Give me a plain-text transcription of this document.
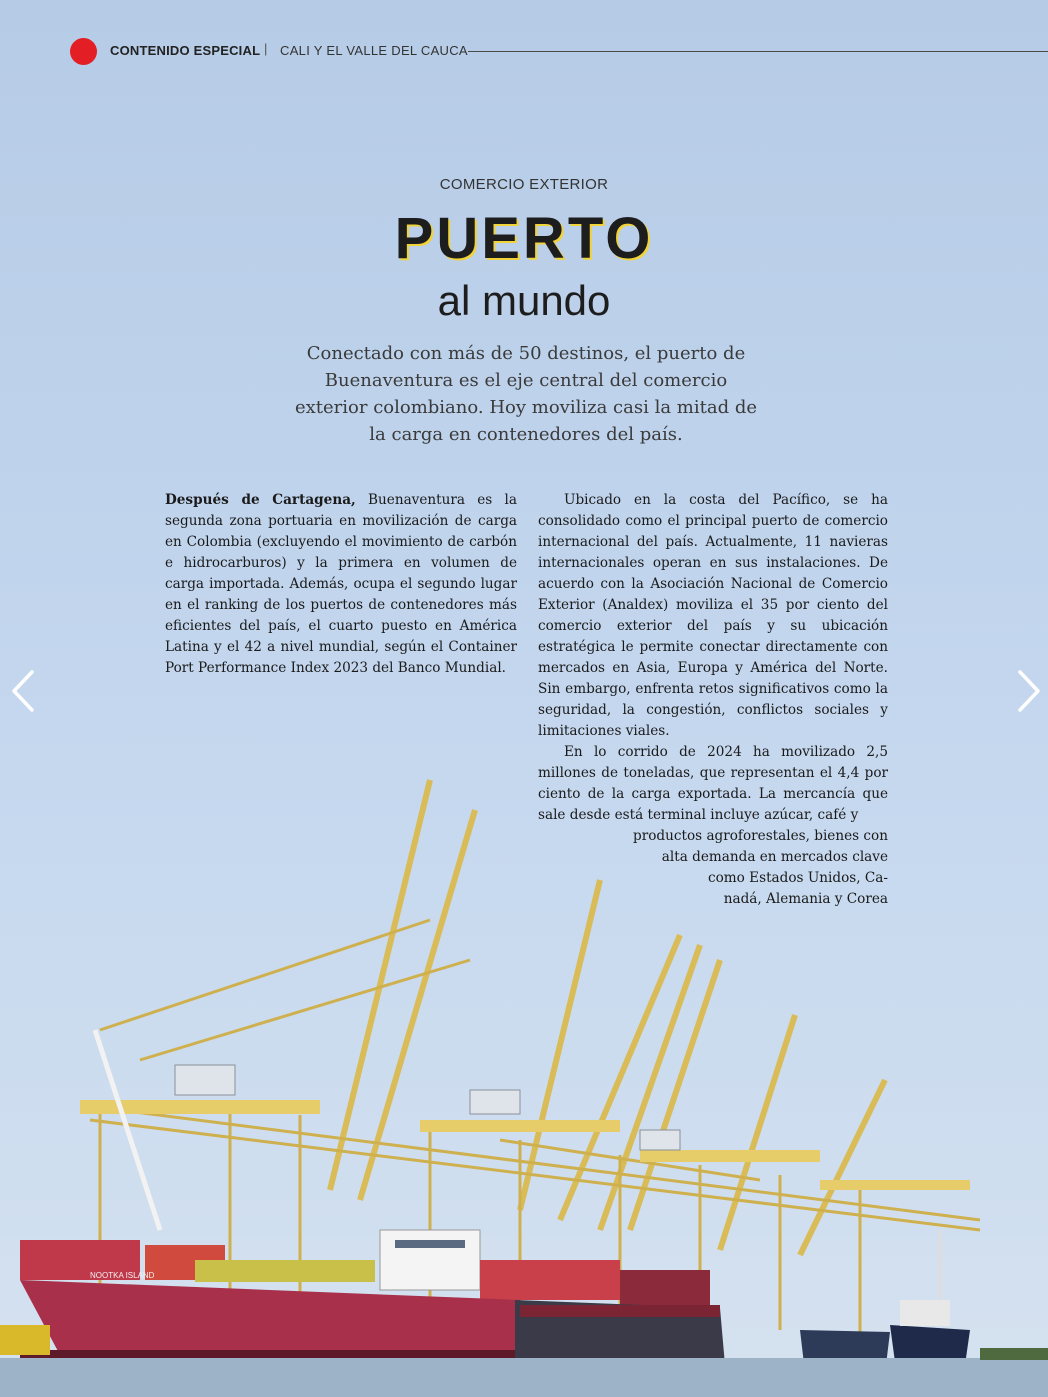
NOOTKA ISLAND
CONTENIDO ESPECIAL | CALI Y EL VALLE DEL CAUCA
COMERCIO EXTERIOR
PUERTO
al mundo

Conectado con más de 50 destinos, el puerto de Buenaventura es el eje central del comercio exterior colombiano. Hoy moviliza casi la mitad de la carga en contenedores del país.

Después de Cartagena, Buenaventura es la segunda zona portuaria en movilización de carga en Colombia (excluyendo el movimiento de carbón e hidrocarburos) y la primera en volumen de carga importada. Además, ocupa el segundo lugar en el ranking de los puertos de contenedores más eficientes del país, el cuarto puesto en América Latina y el 42 a nivel mundial, según el Container Port Performance Index 2023 del Banco Mundial.

Ubicado en la costa del Pacífico, se ha consolidado como el principal puerto de comercio internacional del país. Actualmente, 11 navieras internacionales operan en sus instalaciones. De acuerdo con la Asociación Nacional de Comercio Exterior (Analdex) moviliza el 35 por ciento del comercio exterior del país y su ubicación estratégica le permite conectar directamente con mercados en Asia, Europa y América del Norte. Sin embargo, enfrenta retos significativos como la seguridad, la congestión, conflictos sociales y limitaciones viales.

En lo corrido de 2024 ha movilizado 2,5 millones de toneladas, que representan el 4,4 por ciento de la carga exportada. La mercancía que sale desde está terminal incluye azúcar, café y

productos agroforestales, bienes con
alta demanda en mercados clave
como Estados Unidos, Ca-
nadá, Alemania y Corea
